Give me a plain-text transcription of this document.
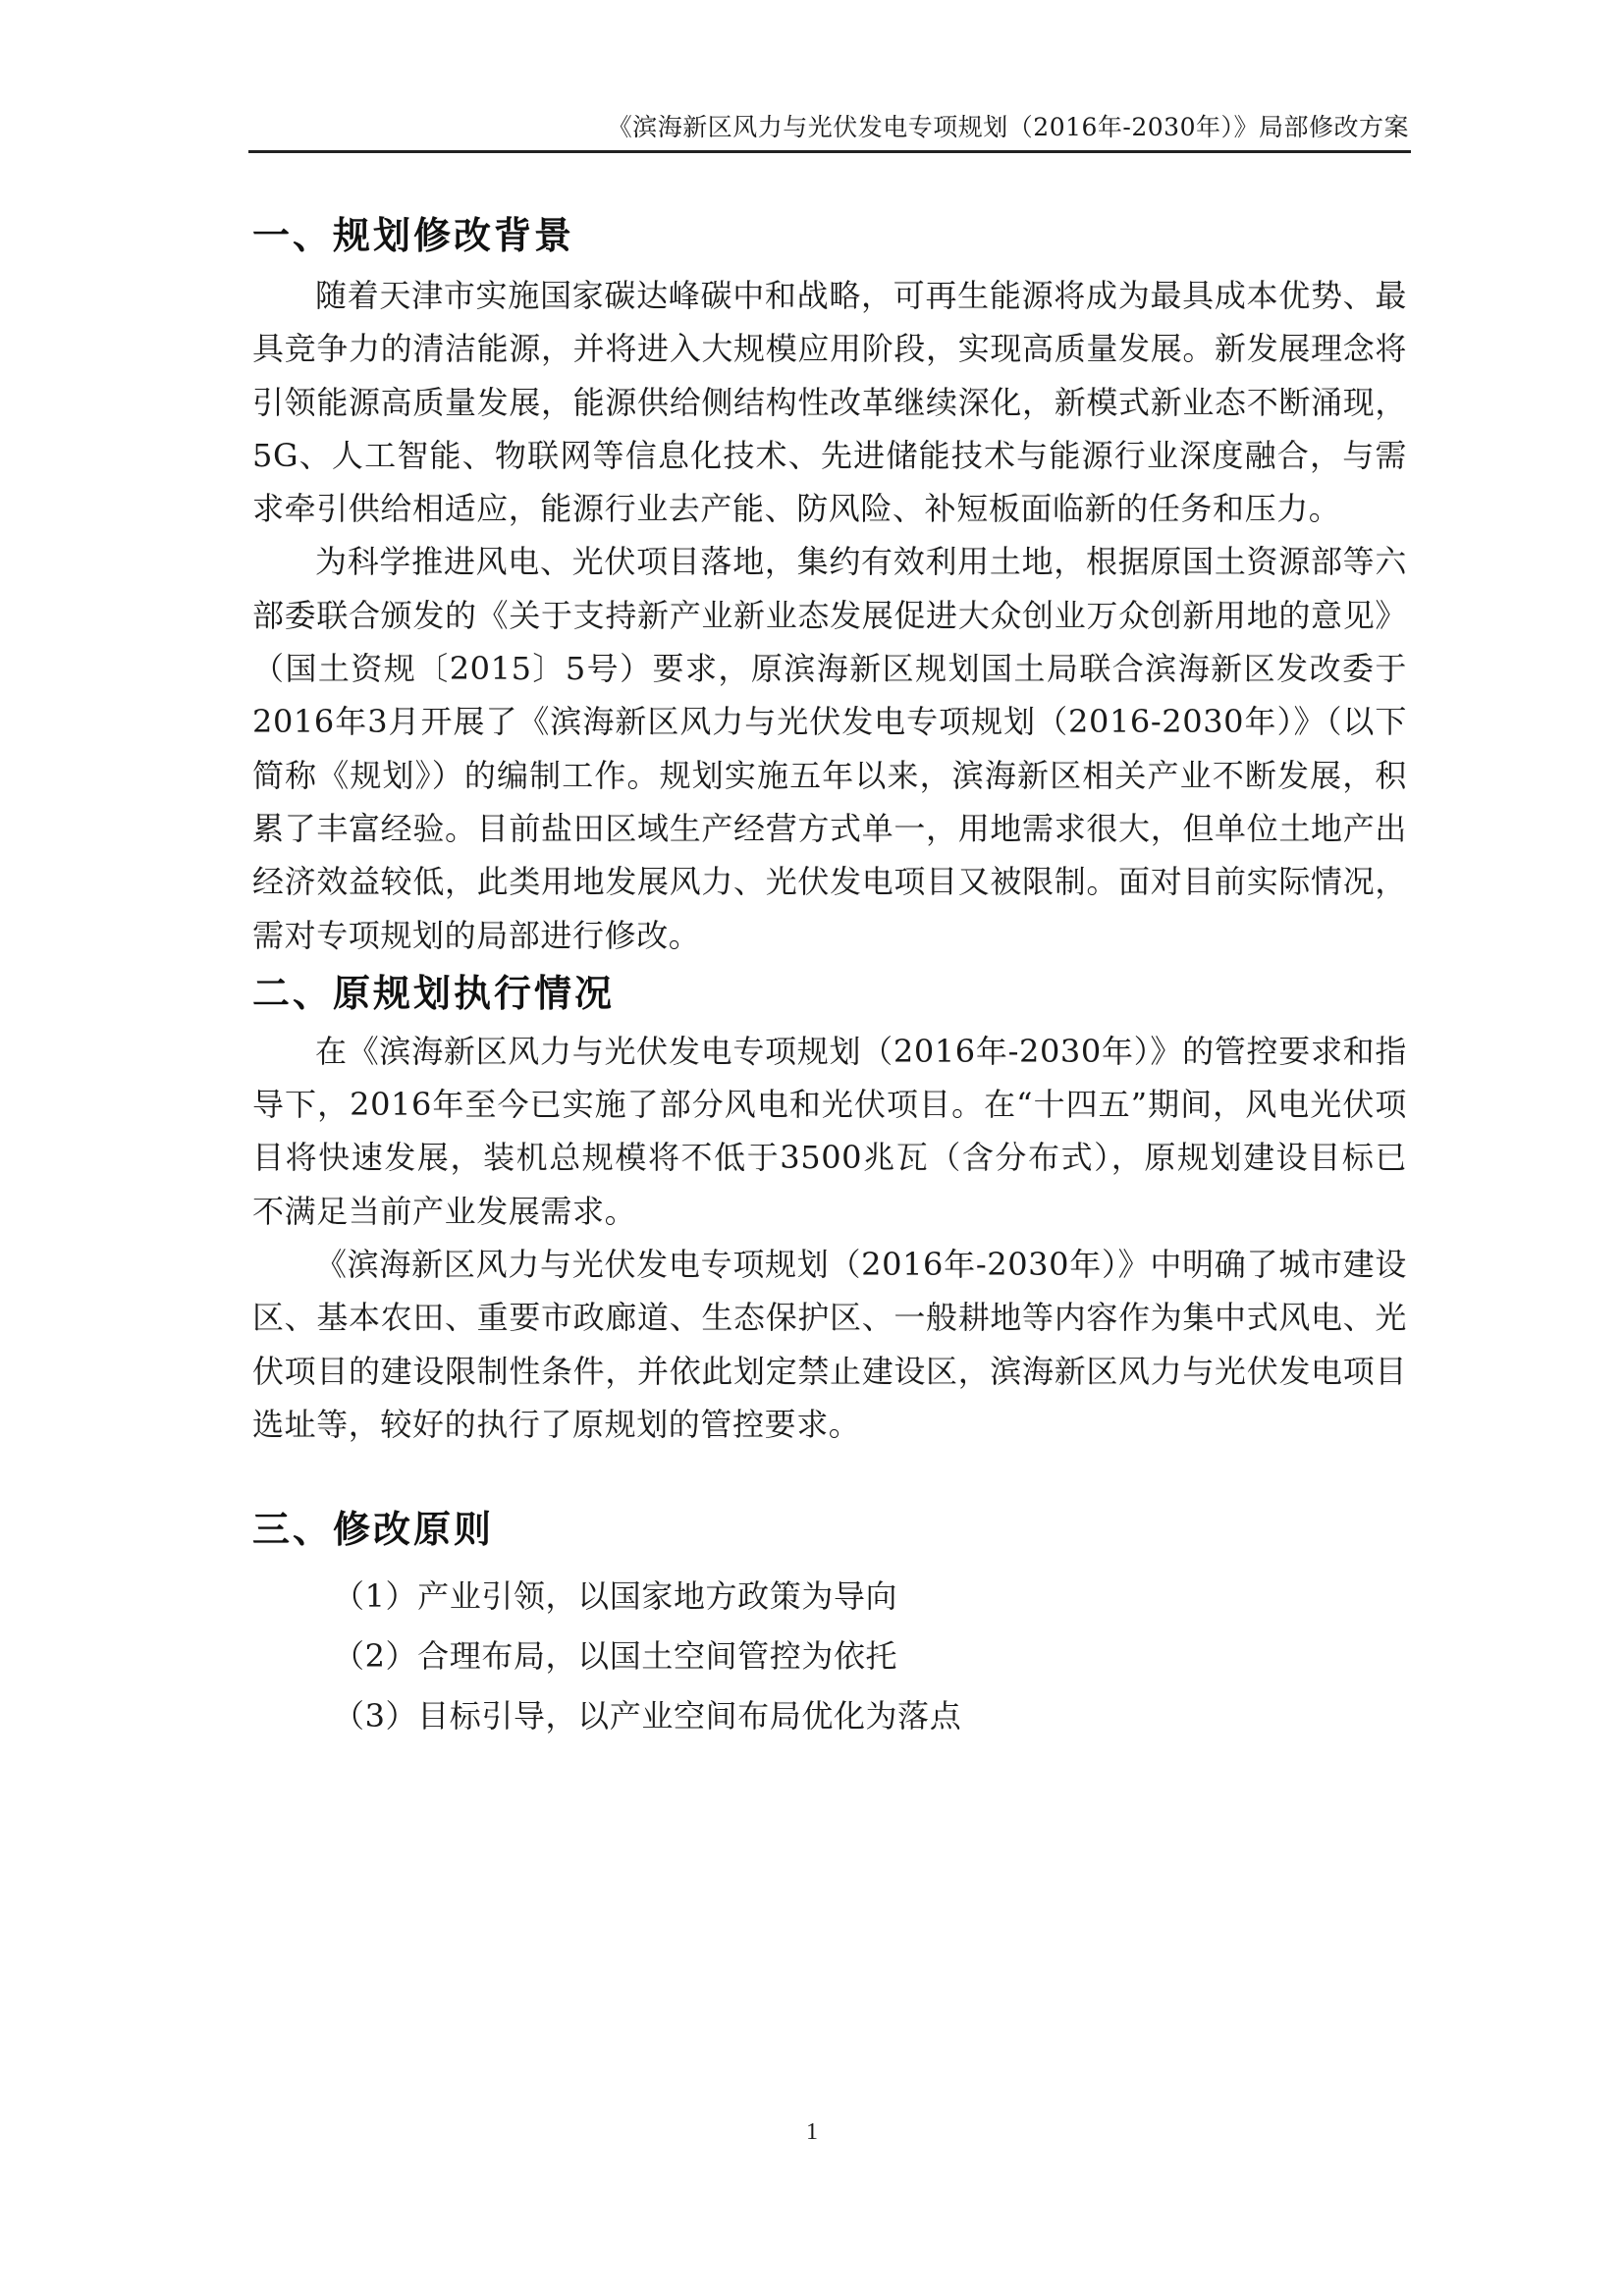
《滨海新区风力与光伏发电专项规划（2016年-2030年）》局部修改方案
一、规划修改背景

随着天津市实施国家碳达峰碳中和战略，可再生能源将成为最具成本优势、最具竞争力的清洁能源，并将进入大规模应用阶段，实现高质量发展。新发展理念将引领能源高质量发展，能源供给侧结构性改革继续深化，新模式新业态不断涌现，5G、人工智能、物联网等信息化技术、先进储能技术与能源行业深度融合，与需求牵引供给相适应，能源行业去产能、防风险、补短板面临新的任务和压力。

为科学推进风电、光伏项目落地，集约有效利用土地，根据原国土资源部等六部委联合颁发的《关于支持新产业新业态发展促进大众创业万众创新用地的意见》（国土资规〔2015〕5号）要求，原滨海新区规划国土局联合滨海新区发改委于2016年3月开展了《滨海新区风力与光伏发电专项规划（2016-2030年）》（以下简称《规划》）的编制工作。规划实施五年以来，滨海新区相关产业不断发展，积累了丰富经验。目前盐田区域生产经营方式单一，用地需求很大，但单位土地产出经济效益较低，此类用地发展风力、光伏发电项目又被限制。面对目前实际情况，需对专项规划的局部进行修改。

二、原规划执行情况

在《滨海新区风力与光伏发电专项规划（2016年-2030年）》的管控要求和指导下，2016年至今已实施了部分风电和光伏项目。在“十四五”期间，风电光伏项目将快速发展，装机总规模将不低于3500兆瓦（含分布式），原规划建设目标已不满足当前产业发展需求。

《滨海新区风力与光伏发电专项规划（2016年-2030年）》中明确了城市建设区、基本农田、重要市政廊道、生态保护区、一般耕地等内容作为集中式风电、光伏项目的建设限制性条件，并依此划定禁止建设区，滨海新区风力与光伏发电项目选址等，较好的执行了原规划的管控要求。

三、修改原则
（1）产业引领，以国家地方政策为导向
（2）合理布局，以国土空间管控为依托
（3）目标引导，以产业空间布局优化为落点
1
